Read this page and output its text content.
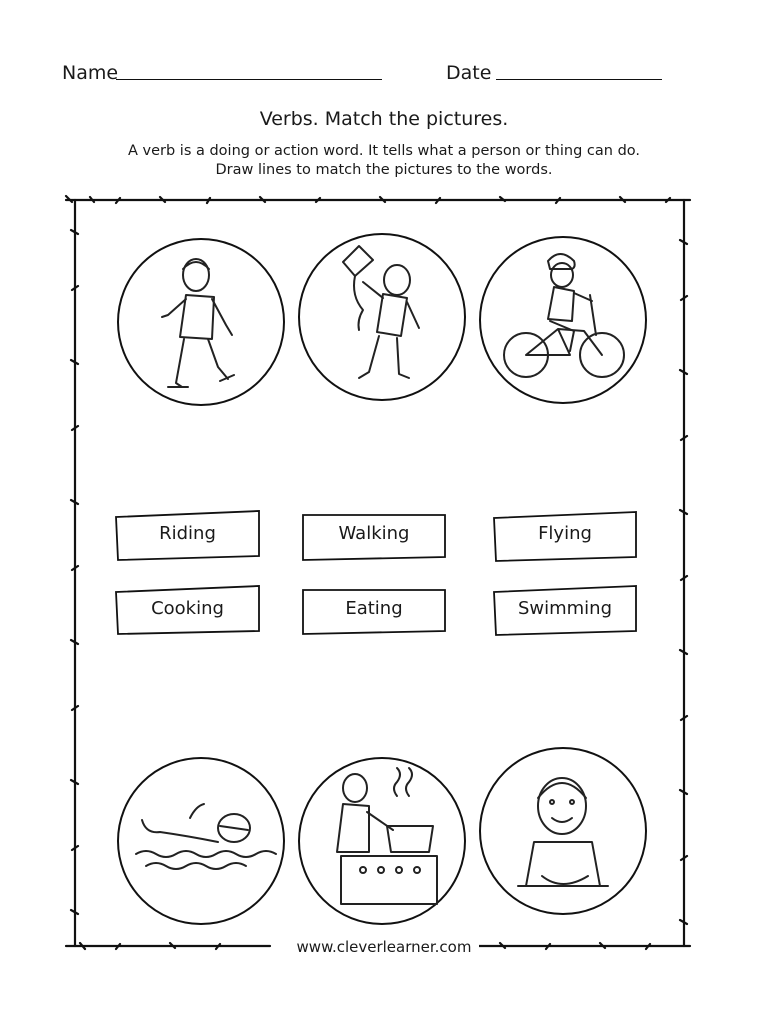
Name	Date
Verbs. Match the pictures.
A verb is a doing or action word. It tells what a person or thing can do.
Draw lines to match the pictures to the words.
Riding	Walking	Flying
Cooking	Eating	Swimming
www.cleverlearner.com
